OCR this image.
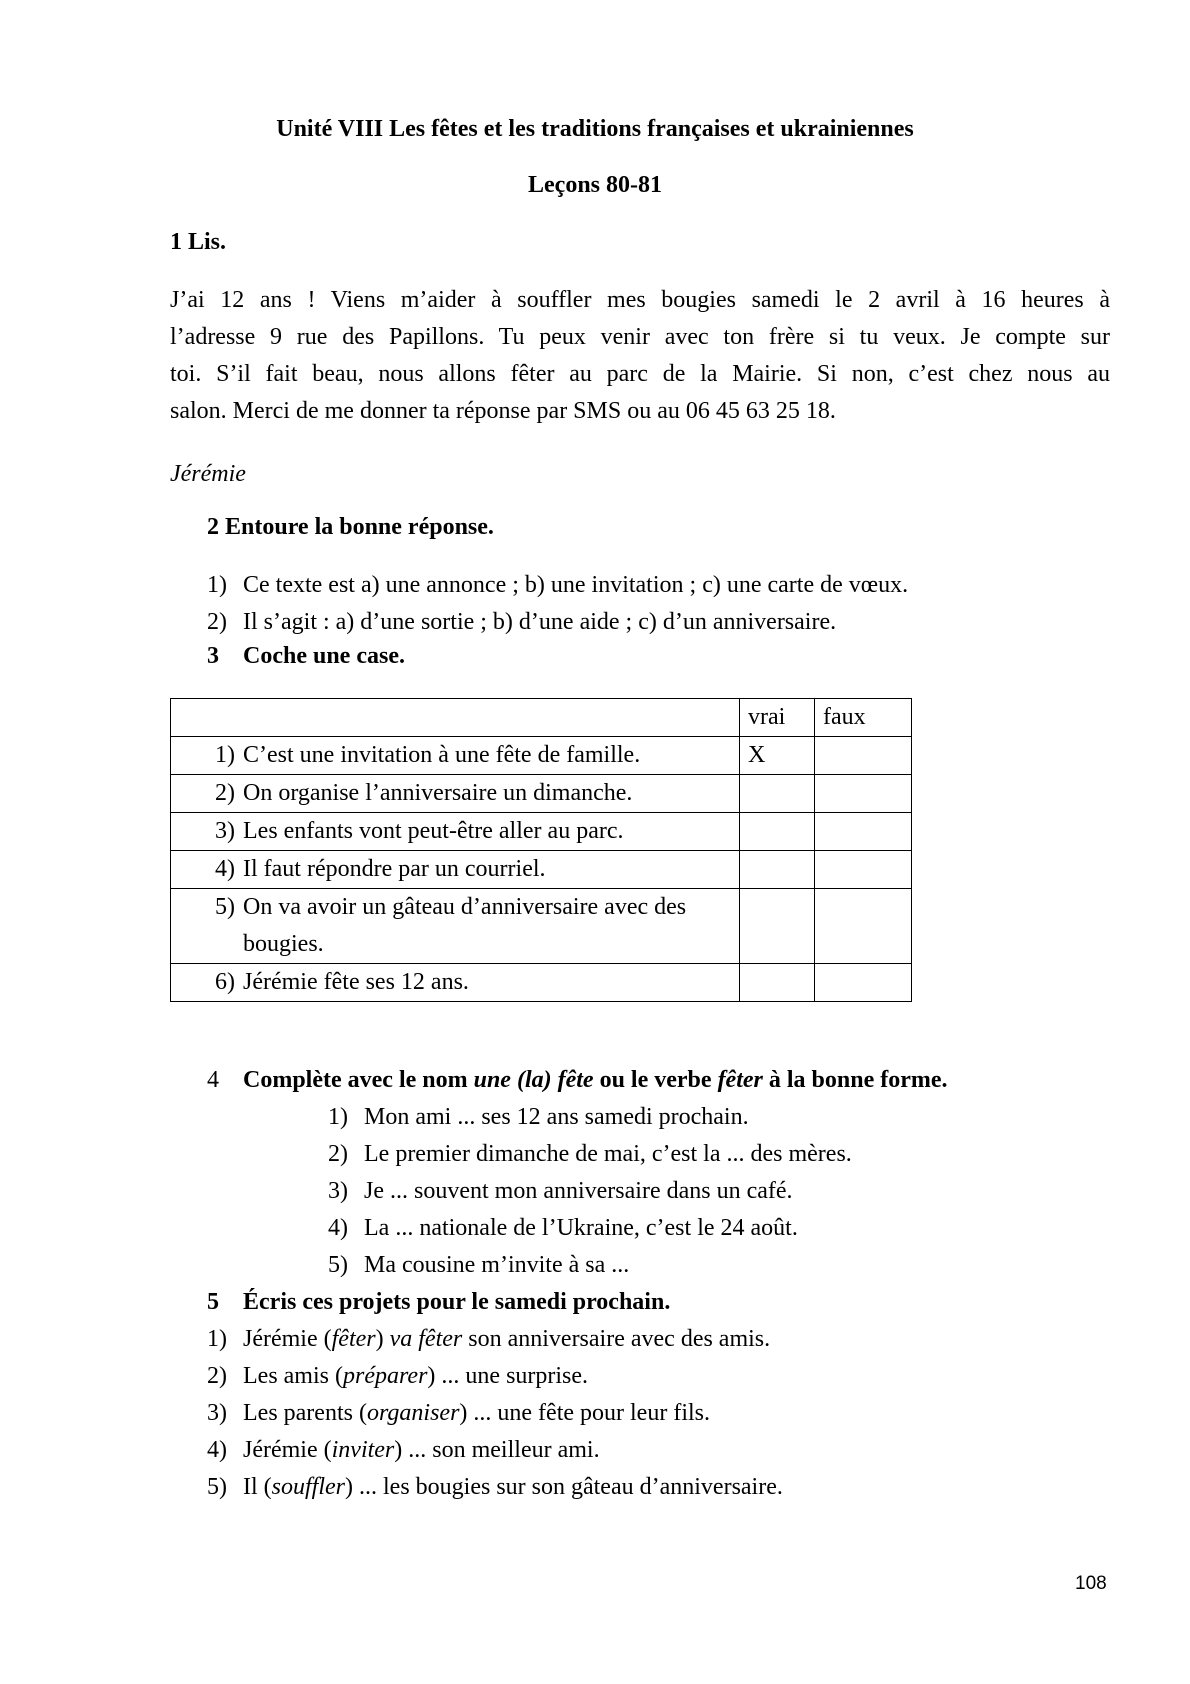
Unité VIII Les fêtes et les traditions françaises et ukrainiennes
Leçons 80-81
1 Lis.
J’ai 12 ans ! Viens m’aider à souffler mes bougies samedi le 2 avril à 16 heures à
l’adresse 9 rue des Papillons. Tu peux venir avec ton frère si tu veux. Je compte sur
toi. S’il fait beau, nous allons fêter au parc de la Mairie. Si non, c’est chez nous au
salon. Merci de me donner ta réponse par SMS ou au 06 45 63 25 18.
Jérémie
2 Entoure la bonne réponse.
1) Ce texte est a) une annonce ; b) une invitation ; c) une carte de vœux.
2) Il s’agit : a) d’une sortie ; b) d’une aide ; c) d’un anniversaire.
3 Coche une case.
	vrai	faux

1) C’est une invitation à une fête de famille.	X	

2) On organise l’anniversaire un dimanche.		

3) Les enfants vont peut-être aller au parc.		

4) Il faut répondre par un courriel.		

5) On va avoir un gâteau d’anniversaire avec des bougies.		

6) Jérémie fête ses 12 ans.		

4 Complète avec le nom une (la) fête ou le verbe fêter à la bonne forme.
1) Mon ami ... ses 12 ans samedi prochain.
2) Le premier dimanche de mai, c’est la ... des mères.
3) Je ... souvent mon anniversaire dans un café.
4) La ... nationale de l’Ukraine, c’est le 24 août.
5) Ma cousine m’invite à sa ...
5 Écris ces projets pour le samedi prochain.
1) Jérémie (fêter) va fêter son anniversaire avec des amis.
2) Les amis (préparer) ... une surprise.
3) Les parents (organiser) ... une fête pour leur fils.
4) Jérémie (inviter) ... son meilleur ami.
5) Il (souffler) ... les bougies sur son gâteau d’anniversaire.
108
